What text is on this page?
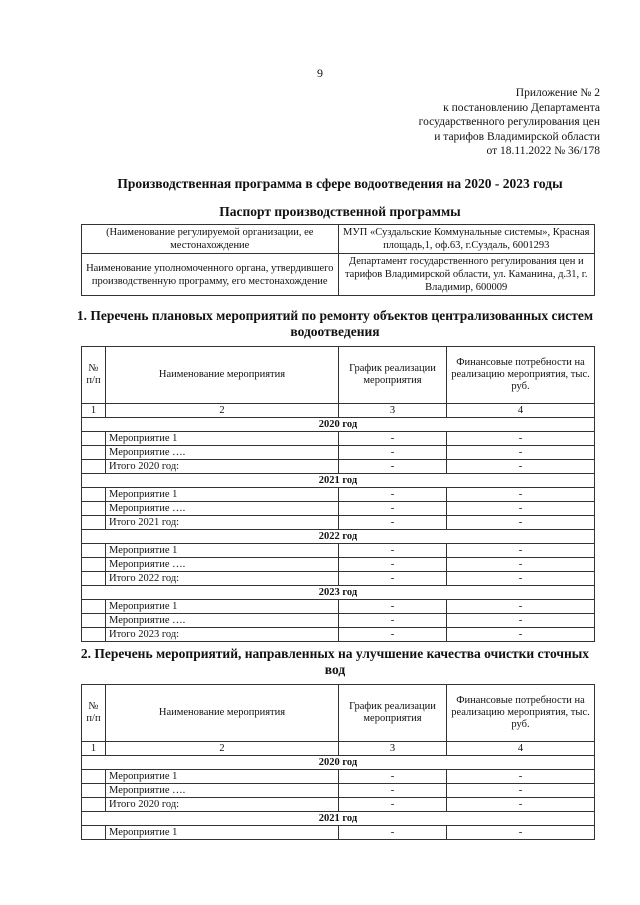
9
Приложение № 2
к постановлению Департамента
государственного регулирования цен
и тарифов Владимирской области
от 18.11.2022 № 36/178
Производственная программа в сфере водоотведения на 2020 - 2023 годы
Паспорт производственной программы
(Наименование регулируемой организации, ее местонахождение	МУП «Суздальские Коммунальные системы», Красная площадь,1, оф.63, г.Суздаль, 6001293
Наименование уполномоченного органа, утвердившего производственную программу, его местонахождение	Департамент государственного регулирования цен и тарифов Владимирской области, ул. Каманина, д.31, г. Владимир, 600009
1. Перечень плановых мероприятий по ремонту объектов централизованных систем водоотведения
№ п/п	Наименование мероприятия	График реализации мероприятия	Финансовые потребности на реализацию мероприятия, тыс. руб.
1	2	3	4
2020 год			
	Мероприятие 1	-	-
	Мероприятие ….	-	-
	Итого 2020 год:	-	-
2021 год			
	Мероприятие 1	-	-
	Мероприятие ….	-	-
	Итого 2021 год:	-	-
2022 год			
	Мероприятие 1	-	-
	Мероприятие ….	-	-
	Итого 2022 год:	-	-
2023 год			
	Мероприятие 1	-	-
	Мероприятие ….	-	-
	Итого 2023 год:	-	-
2. Перечень мероприятий, направленных на улучшение качества очистки сточных вод
№ п/п	Наименование мероприятия	График реализации мероприятия	Финансовые потребности на реализацию мероприятия, тыс. руб.
1	2	3	4
2020 год			
	Мероприятие 1	-	-
	Мероприятие ….	-	-
	Итого 2020 год:	-	-
2021 год			
	Мероприятие 1	-	-
